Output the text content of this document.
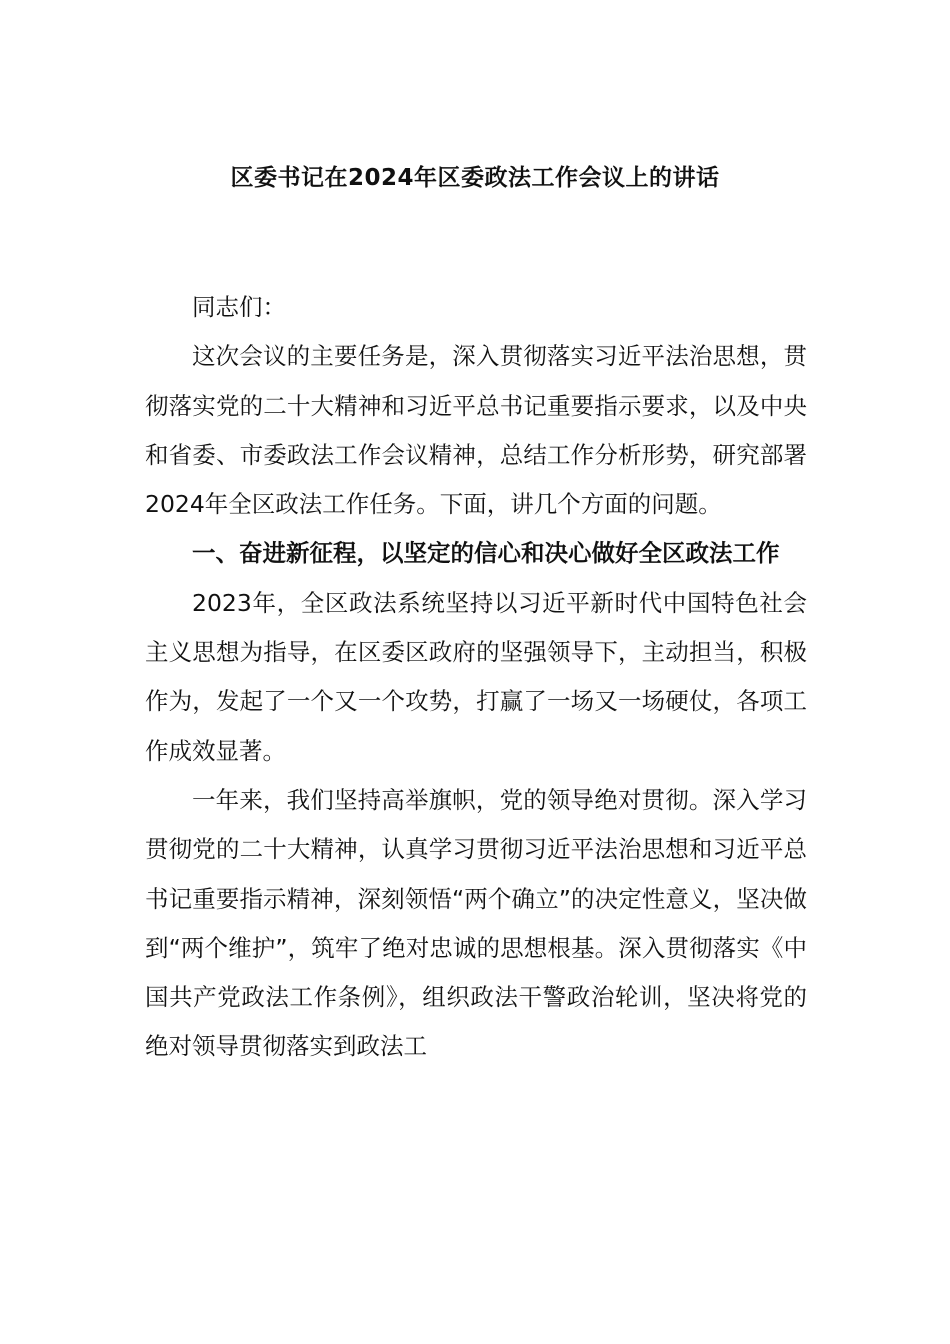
区委书记在2024年区委政法工作会议上的讲话

同志们：

这次会议的主要任务是，深入贯彻落实习近平法治思想，贯彻落实党的二十大精神和习近平总书记重要指示要求，以及中央和省委、市委政法工作会议精神，总结工作分析形势，研究部署2024年全区政法工作任务。下面，讲几个方面的问题。

一、奋进新征程，以坚定的信心和决心做好全区政法工作

2023年，全区政法系统坚持以习近平新时代中国特色社会主义思想为指导，在区委区政府的坚强领导下，主动担当，积极作为，发起了一个又一个攻势，打赢了一场又一场硬仗，各项工作成效显著。

一年来，我们坚持高举旗帜，党的领导绝对贯彻。深入学习贯彻党的二十大精神，认真学习贯彻习近平法治思想和习近平总书记重要指示精神，深刻领悟“两个确立”的决定性意义，坚决做到“两个维护”，筑牢了绝对忠诚的思想根基。深入贯彻落实《中国共产党政法工作条例》，组织政法干警政治轮训，坚决将党的绝对领导贯彻落实到政法工
